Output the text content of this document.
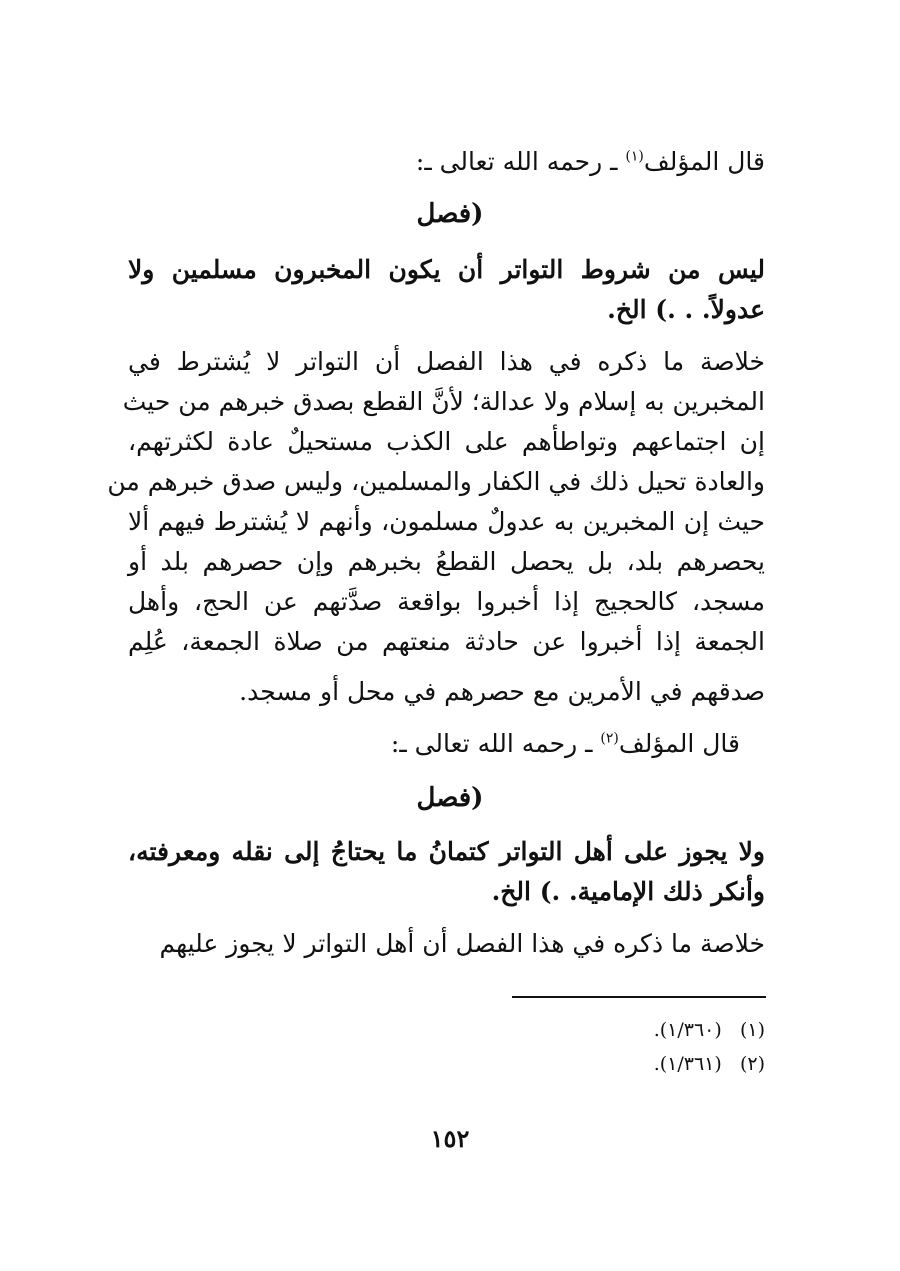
قال المؤلف$^{(١)}$ ـ رحمه الله تعالى ـ:
(فصل
ليس من شروط التواتر أن يكون المخبرون مسلمين ولا
عدولاً. . .) الخ.
خلاصة ما ذكره في هذا الفصل أن التواتر لا يُشترط في
المخبرين به إسلام ولا عدالة؛ لأنَّ القطع بصدق خبرهم من حيث
إن اجتماعهم وتواطأهم على الكذب مستحيلٌ عادة لكثرتهم،
والعادة تحيل ذلك في الكفار والمسلمين، وليس صدق خبرهم من
حيث إن المخبرين به عدولٌ مسلمون، وأنهم لا يُشترط فيهم ألا
يحصرهم بلد، بل يحصل القطعُ بخبرهم وإن حصرهم بلد أو
مسجد، كالحجيج إذا أخبروا بواقعة صدَّتهم عن الحج، وأهل
الجمعة إذا أخبروا عن حادثة منعتهم من صلاة الجمعة، عُلِم
صدقهم في الأمرين مع حصرهم في محل أو مسجد.
قال المؤلف$^{(٢)}$ ـ رحمه الله تعالى ـ:
(فصل
ولا يجوز على أهل التواتر كتمانُ ما يحتاجُ إلى نقله ومعرفته،
وأنكر ذلك الإمامية. .) الخ.
خلاصة ما ذكره في هذا الفصل أن أهل التواتر لا يجوز عليهم
(١)   (١/٣٦٠).
(٢)   (١/٣٦١).
١٥٢
